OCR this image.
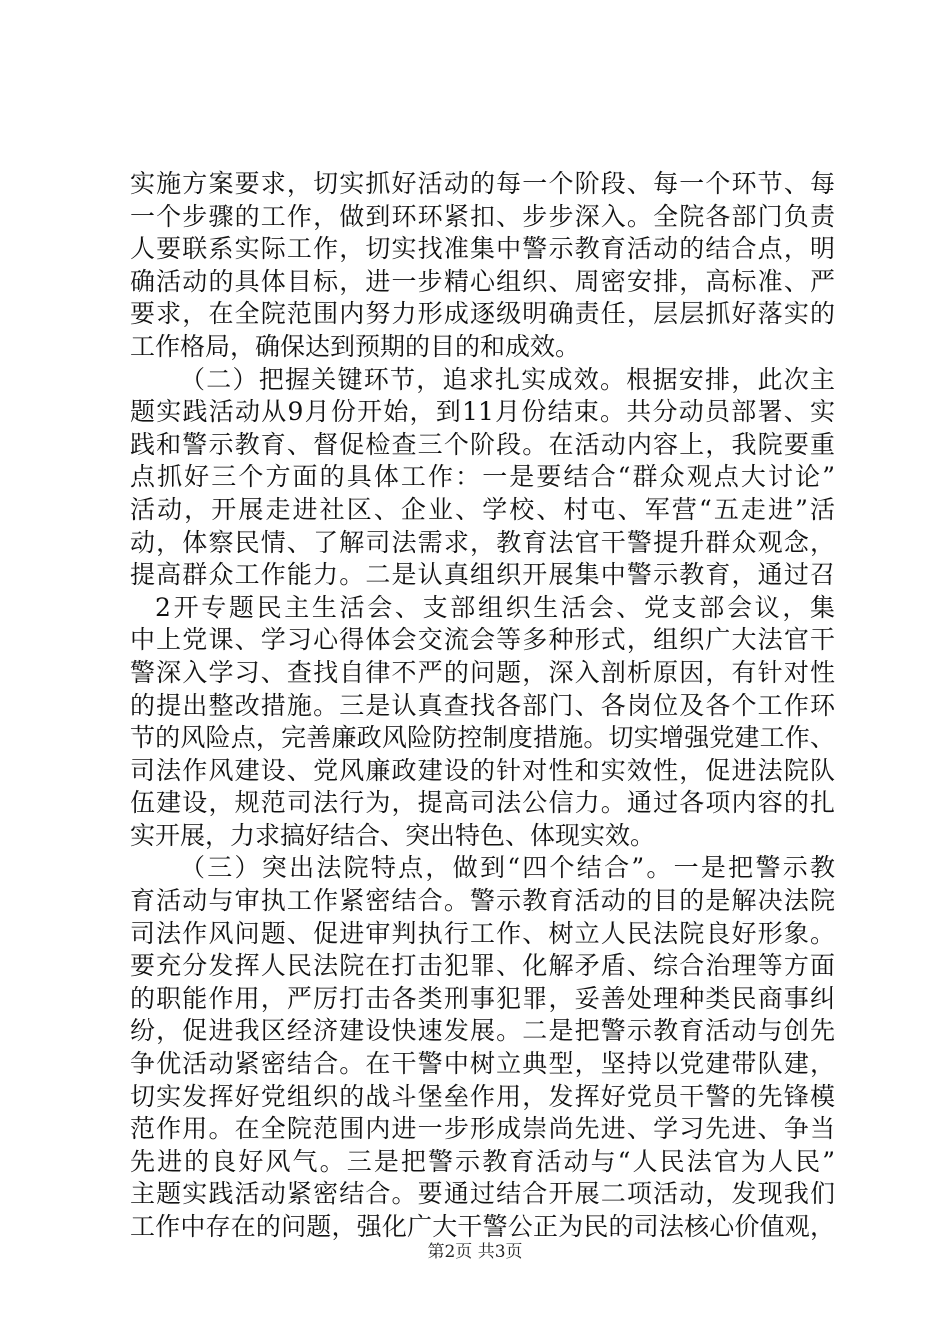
实施方案要求，切实抓好活动的每一个阶段、每一个环节、每
一个步骤的工作，做到环环紧扣、步步深入。全院各部门负责
人要联系实际工作，切实找准集中警示教育活动的结合点，明
确活动的具体目标，进一步精心组织、周密安排，高标准、严
要求，在全院范围内努力形成逐级明确责任，层层抓好落实的
工作格局，确保达到预期的目的和成效。
（二）把握关键环节，追求扎实成效。根据安排，此次主
题实践活动从9月份开始，到11月份结束。共分动员部署、实
践和警示教育、督促检查三个阶段。在活动内容上，我院要重
点抓好三个方面的具体工作：一是要结合“群众观点大讨论”
活动，开展走进社区、企业、学校、村屯、军营“五走进”活
动，体察民情、了解司法需求，教育法官干警提升群众观念，
提高群众工作能力。二是认真组织开展集中警示教育，通过召
2开专题民主生活会、支部组织生活会、党支部会议，集
中上党课、学习心得体会交流会等多种形式，组织广大法官干
警深入学习、查找自律不严的问题，深入剖析原因，有针对性
的提出整改措施。三是认真查找各部门、各岗位及各个工作环
节的风险点，完善廉政风险防控制度措施。切实增强党建工作、
司法作风建设、党风廉政建设的针对性和实效性，促进法院队
伍建设，规范司法行为，提高司法公信力。通过各项内容的扎
实开展，力求搞好结合、突出特色、体现实效。
（三）突出法院特点，做到“四个结合”。一是把警示教
育活动与审执工作紧密结合。警示教育活动的目的是解决法院
司法作风问题、促进审判执行工作、树立人民法院良好形象。
要充分发挥人民法院在打击犯罪、化解矛盾、综合治理等方面
的职能作用，严厉打击各类刑事犯罪，妥善处理种类民商事纠
纷，促进我区经济建设快速发展。二是把警示教育活动与创先
争优活动紧密结合。在干警中树立典型，坚持以党建带队建，
切实发挥好党组织的战斗堡垒作用，发挥好党员干警的先锋模
范作用。在全院范围内进一步形成崇尚先进、学习先进、争当
先进的良好风气。三是把警示教育活动与“人民法官为人民”
主题实践活动紧密结合。要通过结合开展二项活动，发现我们
工作中存在的问题，强化广大干警公正为民的司法核心价值观，
第2页 共3页
